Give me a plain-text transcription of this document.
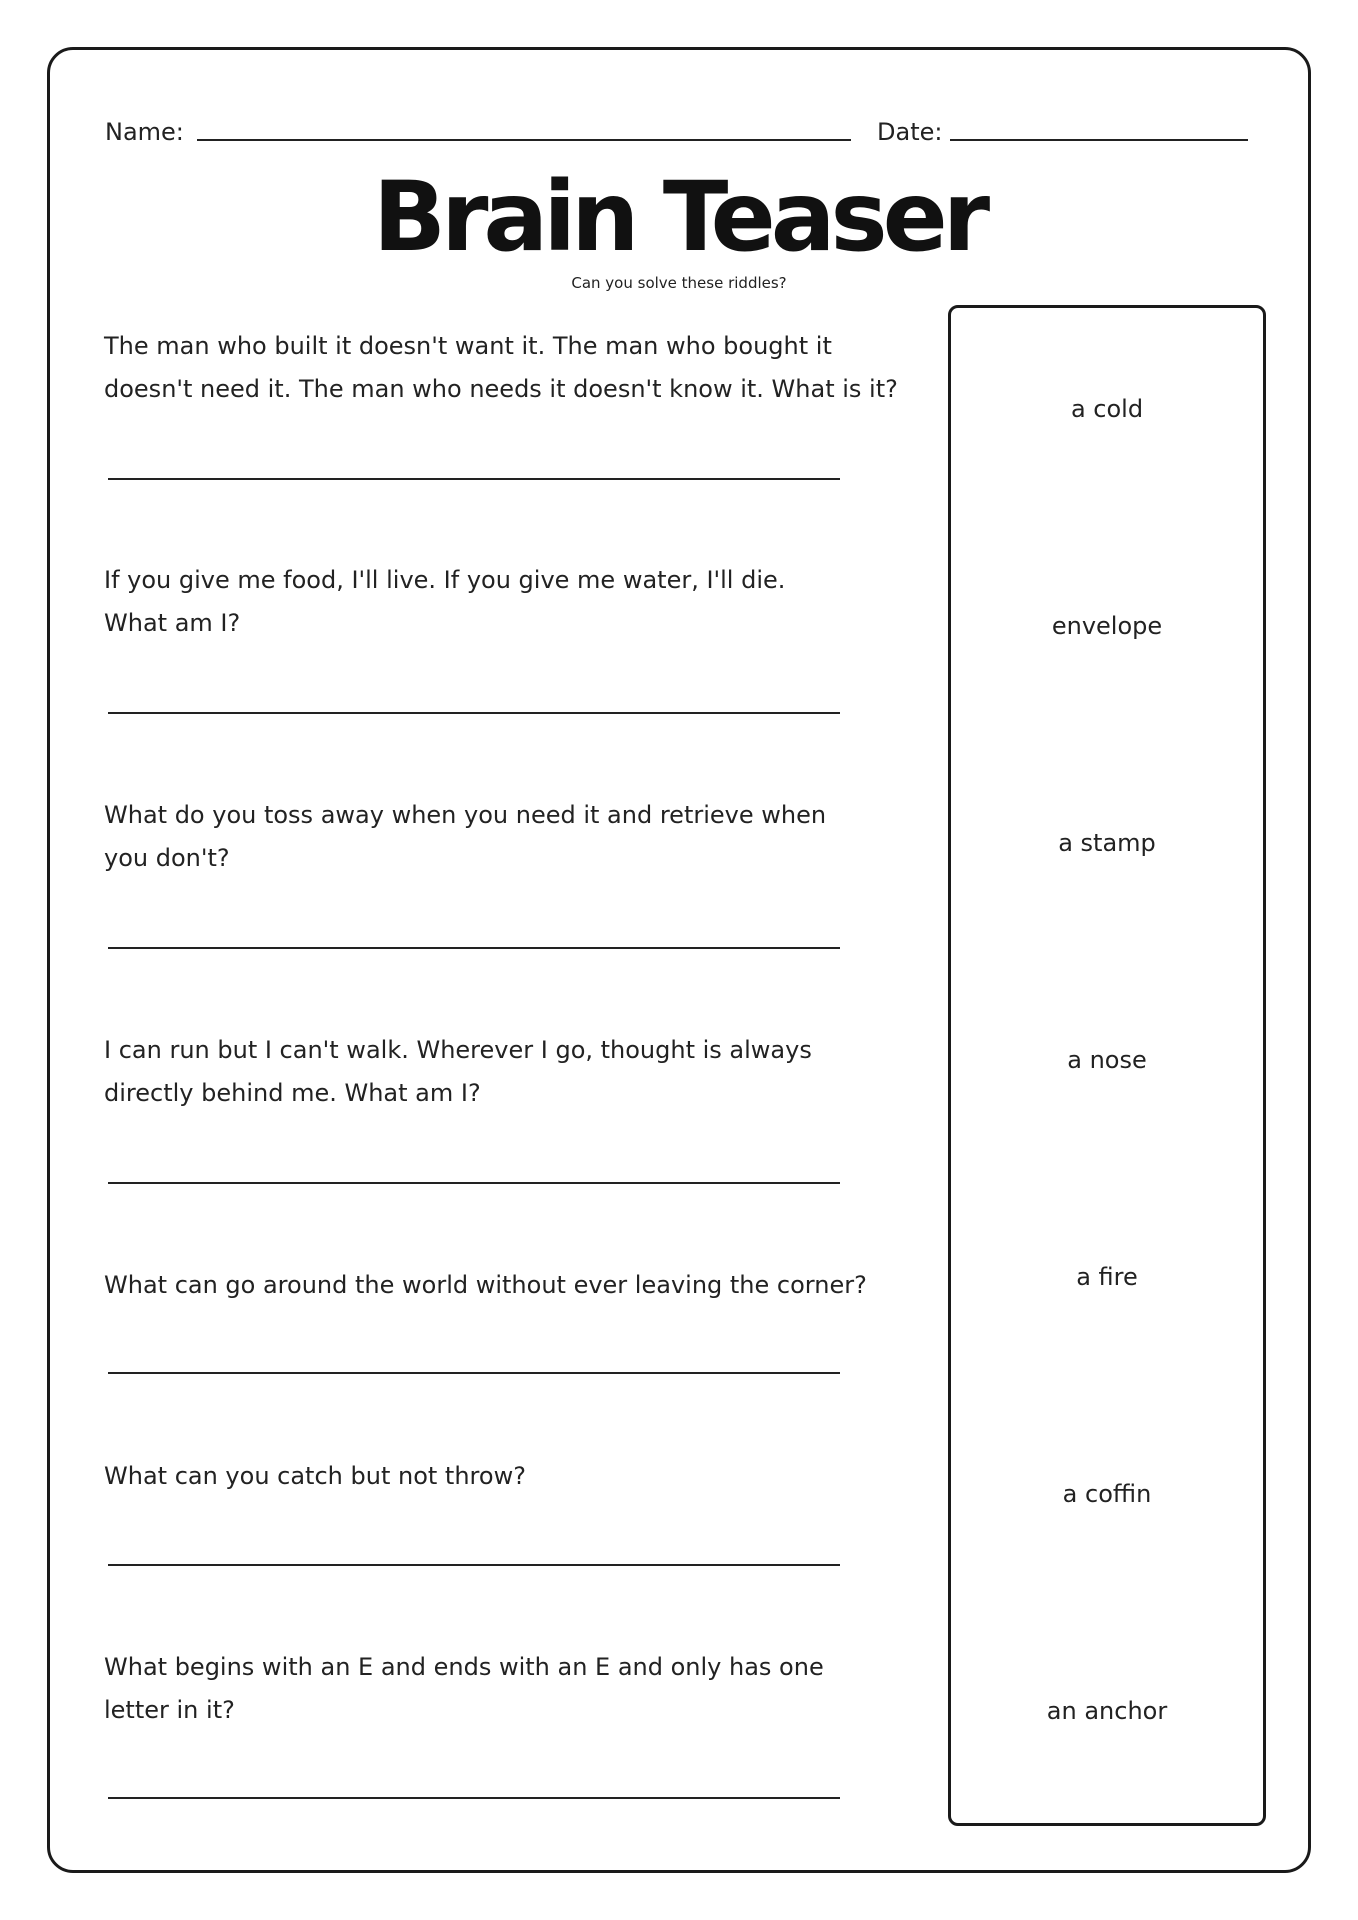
Name:	Date:
Brain Teaser
Can you solve these riddles?
The man who built it doesn't want it. The man who bought it
doesn't need it. The man who needs it doesn't know it. What is it?
If you give me food, I'll live. If you give me water, I'll die.
What am I?
What do you toss away when you need it and retrieve when
you don't?
I can run but I can't walk. Wherever I go, thought is always
directly behind me. What am I?
What can go around the world without ever leaving the corner?
What can you catch but not throw?
What begins with an E and ends with an E and only has one
letter in it?
a cold
envelope
a stamp
a nose
a fire
a coffin
an anchor
